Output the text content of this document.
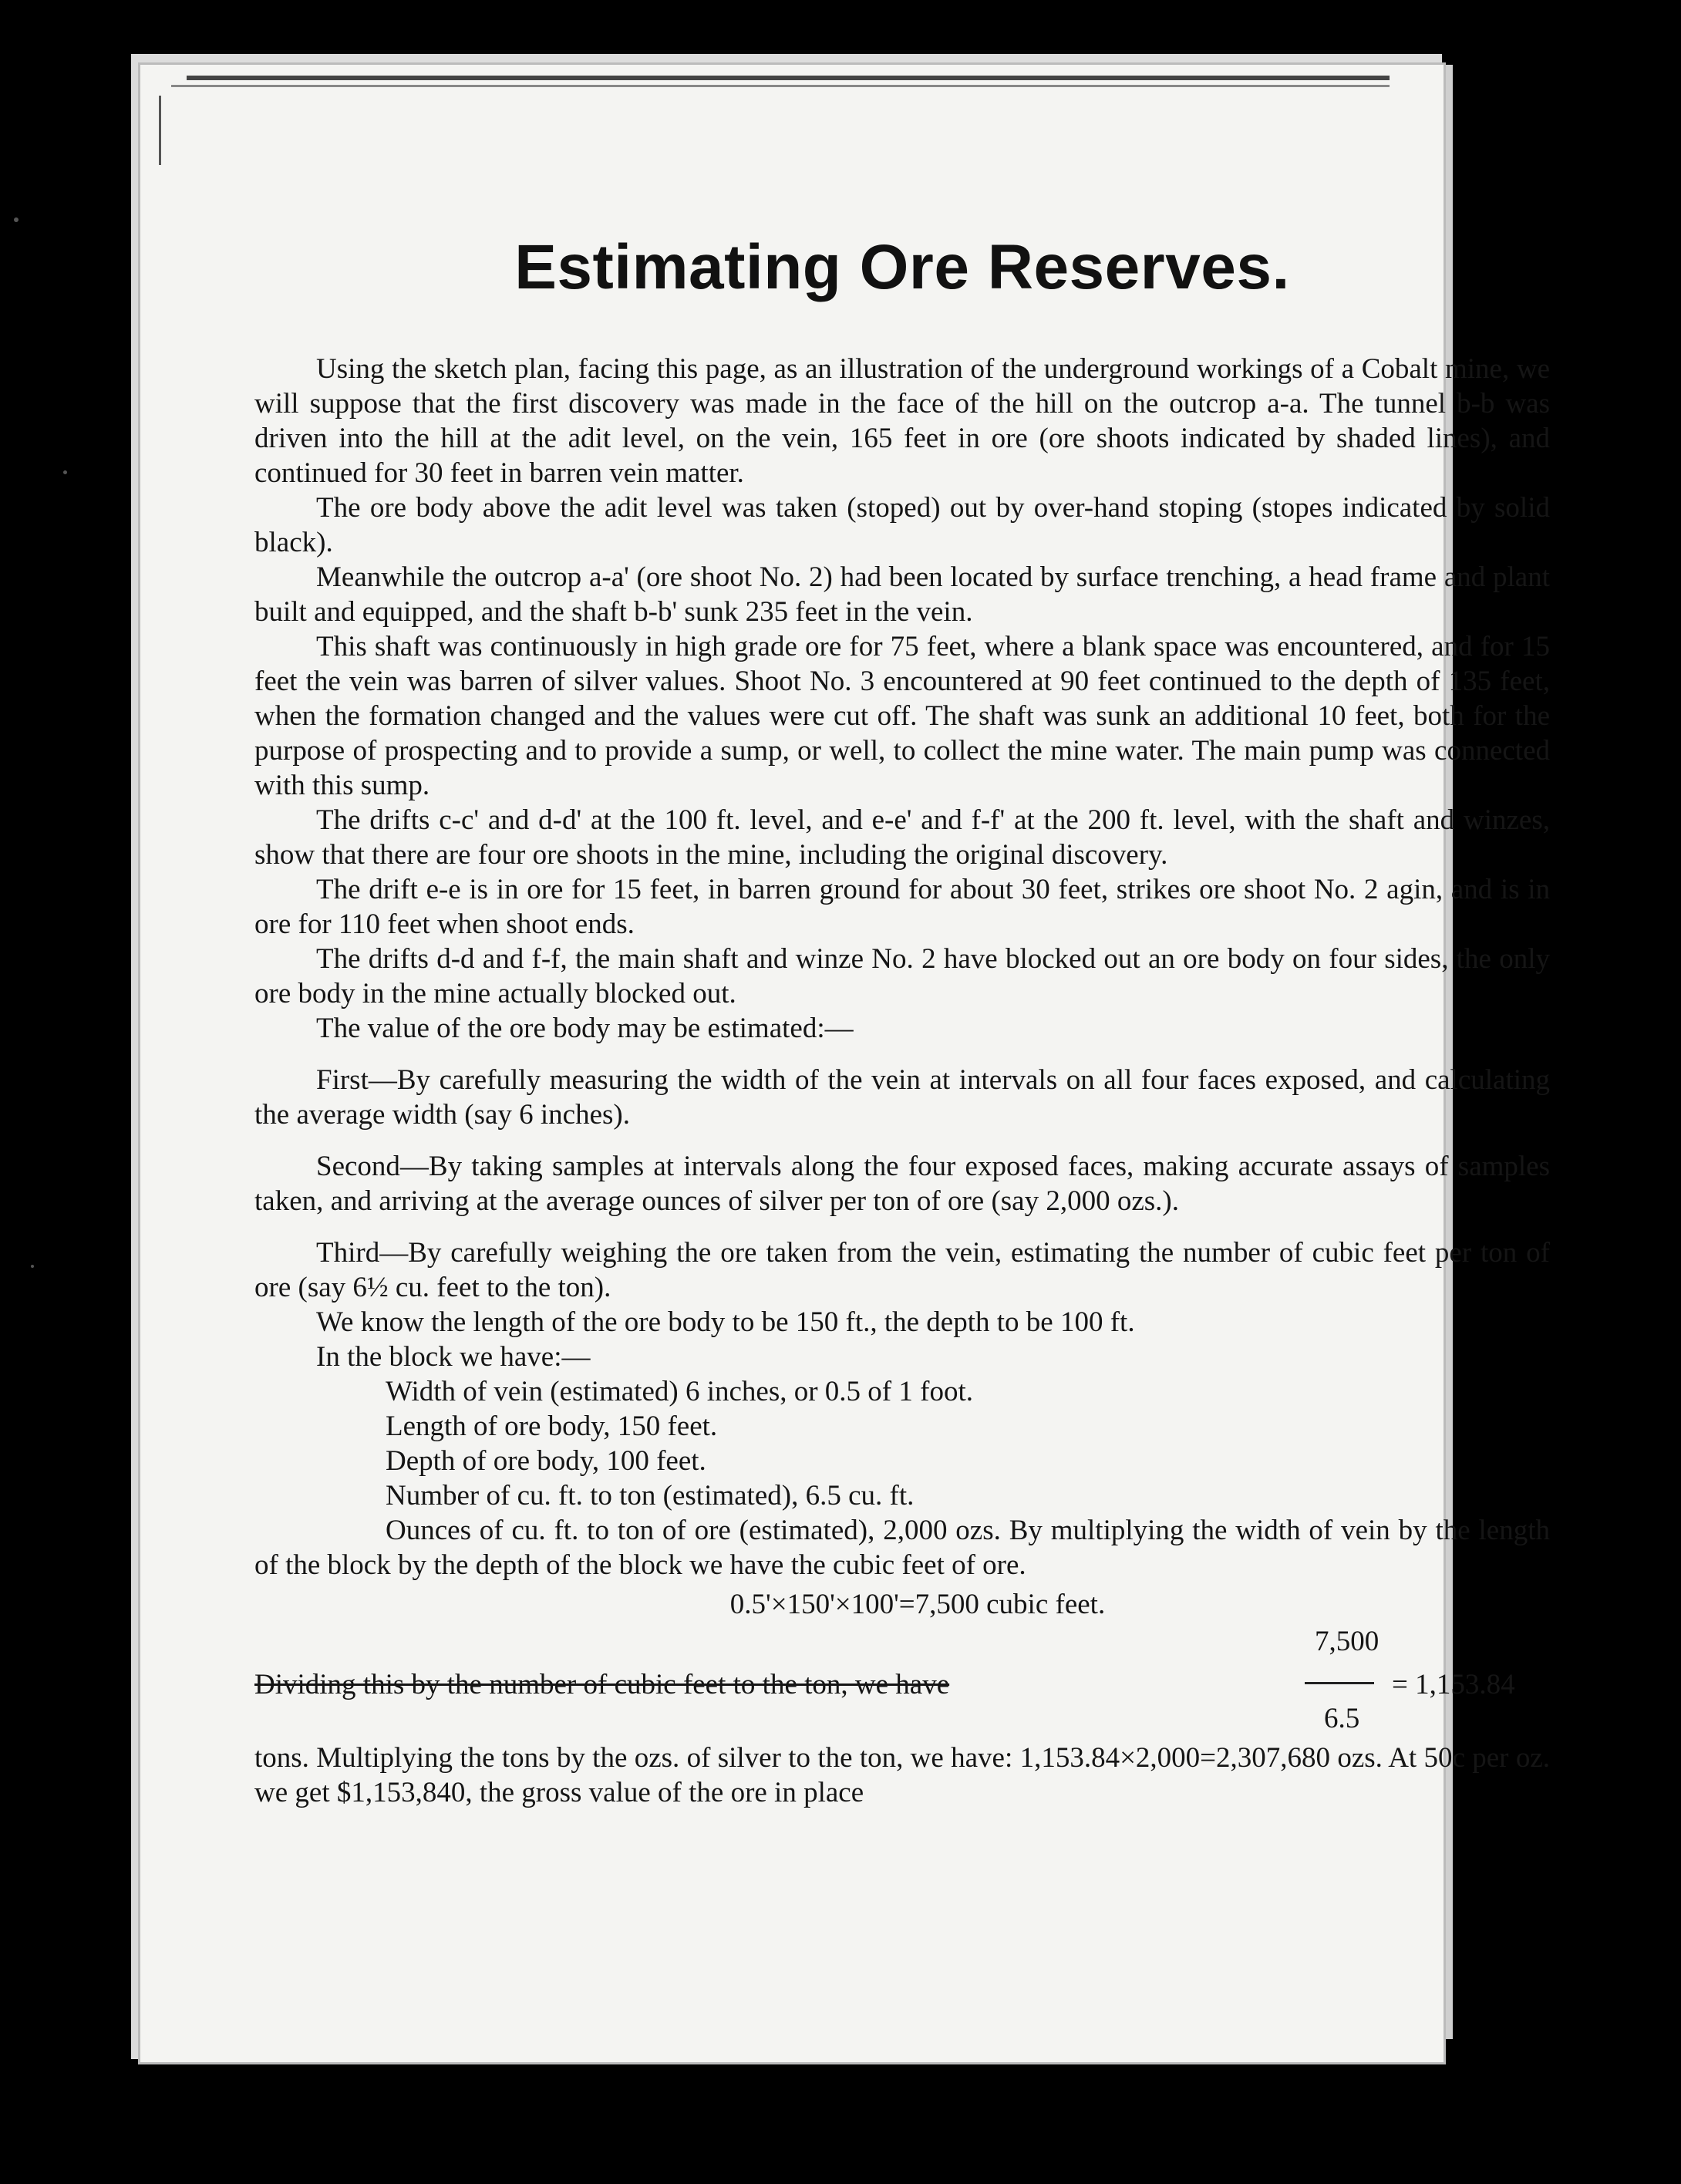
Estimating Ore Reserves.

Using the sketch plan, facing this page, as an illustration of the underground workings of a Cobalt mine, we will suppose that the first discovery was made in the face of the hill on the outcrop a-a. The tunnel b-b was driven into the hill at the adit level, on the vein, 165 feet in ore (ore shoots indicated by shaded lines), and continued for 30 feet in barren vein matter.

The ore body above the adit level was taken (stoped) out by over-hand stoping (stopes indicated by solid black).

Meanwhile the outcrop a-a' (ore shoot No. 2) had been located by surface trenching, a head frame and plant built and equipped, and the shaft b-b' sunk 235 feet in the vein.

This shaft was continuously in high grade ore for 75 feet, where a blank space was encountered, and for 15 feet the vein was barren of silver values. Shoot No. 3 encountered at 90 feet continued to the depth of 135 feet, when the formation changed and the values were cut off. The shaft was sunk an additional 10 feet, both for the purpose of prospecting and to provide a sump, or well, to collect the mine water. The main pump was connected with this sump.

The drifts c-c' and d-d' at the 100 ft. level, and e-e' and f-f' at the 200 ft. level, with the shaft and winzes, show that there are four ore shoots in the mine, including the original discovery.

The drift e-e is in ore for 15 feet, in barren ground for about 30 feet, strikes ore shoot No. 2 agin, and is in ore for 110 feet when shoot ends.

The drifts d-d and f-f, the main shaft and winze No. 2 have blocked out an ore body on four sides, the only ore body in the mine actually blocked out.

The value of the ore body may be estimated:—

First—By carefully measuring the width of the vein at intervals on all four faces exposed, and calculating the average width (say 6 inches).

Second—By taking samples at intervals along the four exposed faces, making accurate assays of samples taken, and arriving at the average ounces of silver per ton of ore (say 2,000 ozs.).

Third—By carefully weighing the ore taken from the vein, estimating the number of cubic feet per ton of ore (say 6½ cu. feet to the ton).

We know the length of the ore body to be 150 ft., the depth to be 100 ft.

In the block we have:—

Width of vein (estimated) 6 inches, or 0.5 of 1 foot.
Length of ore body, 150 feet.
Depth of ore body, 100 feet.
Number of cu. ft. to ton (estimated), 6.5 cu. ft.

Ounces of cu. ft. to ton of ore (estimated), 2,000 ozs. By multiplying the width of vein by the length of the block by the depth of the block we have the cubic feet of ore.

0.5'×150'×100'=7,500 cubic feet.
Dividing this by the number of cubic feet to the ton, we have
7,500
6.5
= 1,153.84

tons. Multiplying the tons by the ozs. of silver to the ton, we have: 1,153.84×2,000=2,307,680 ozs. At 50c per oz. we get $1,153,840, the gross value of the ore in place
